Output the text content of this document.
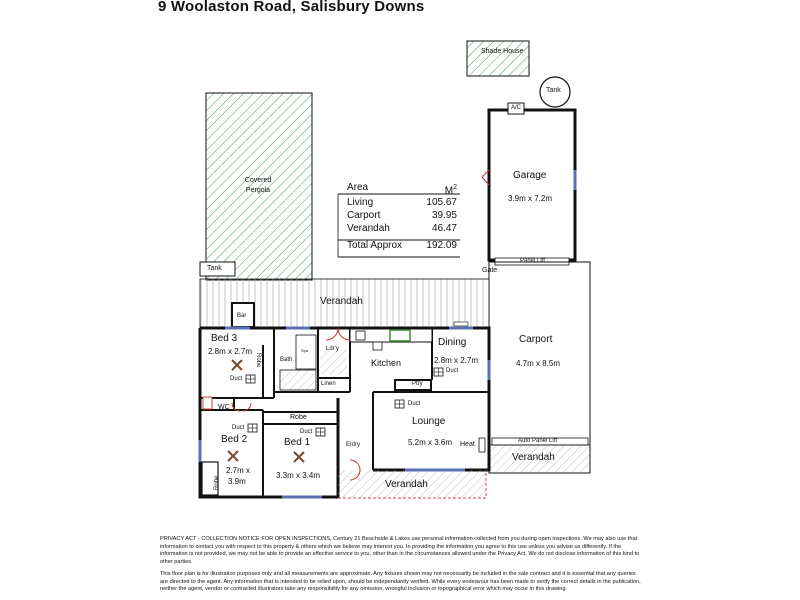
9 Woolaston Road, Salisbury Downs
Area	$M^2$
Living	105.67
Carport	39.95
Verandah	46.47
Total Approx 192.09
Shade House
Tank
A/C
Garage
3.9m x 7.2m
Covered Pergola
Tank
Panel Lift
Gate
Verandah
Bar
Bed 3
2.8m x 2.7m
Robe	Bath
Spa	Ldr'y
Linen
Kitchen
Dining
2.8m x 2.7m
Duct
Ptry
Carport
4.7m x 8.5m
Duct
WC
Robe
Duct
Duct
Duct
Bed 2
2.7m x
3.9m
Robe
Bed 1
3.3m x 3.4m
Entry
Lounge
5.2m x 3.6m Heat	Auto Panel Lift
Verandah
Verandah
PRIVACY ACT - COLLECTION NOTICE FOR OPEN INSPECTIONS, Century 21 Beachside & Lakes use personal information collected from you during open inspections. We may also use that information to contact you with respect to this property & others which we believe may interest you. In providing the information you agree to this use unless you advise us differently. If the information is not provided, we may not be able to provide an effective service to you, other than in the circumstances allowed under the Privacy Act. We do not disclose information of this kind to other parties.
This floor plan is for illustration purposes only and all measurements are approximate. Any fixtures shown may not necessarily be included in the sale contract and it is essential that any queries are directed to the agent. Any information that is intended to be relied upon, should be independantly verified. While every endeavour has been made to verify the correct details in the publication, neither the agent, vendor or contracted illustrators take any responsibility for any omission, wrongful inclusion or topographical error which may occur in this drawing.
